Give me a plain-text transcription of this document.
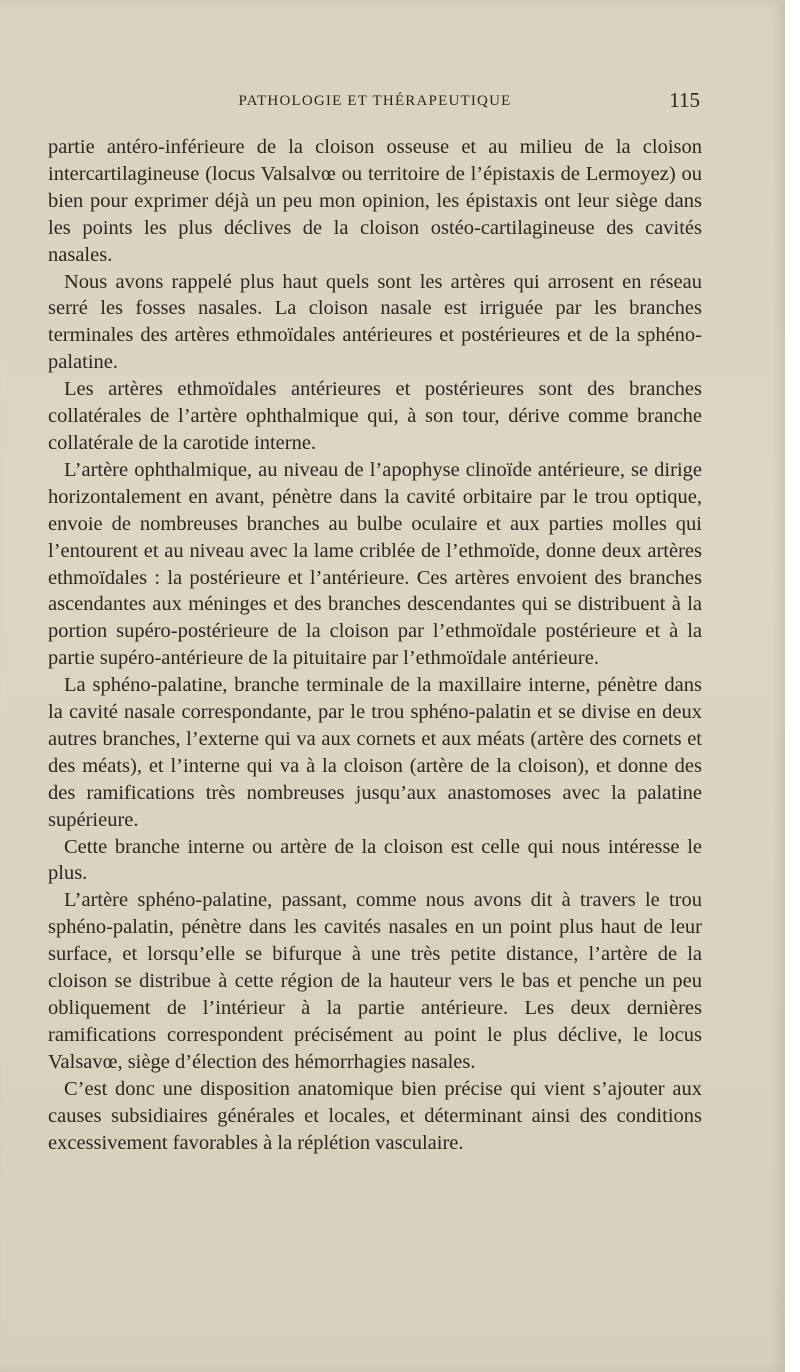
PATHOLOGIE ET THÉRAPEUTIQUE	115

partie antéro-inférieure de la cloison osseuse et au milieu de la cloison intercartilagineuse (locus Valsalvœ ou territoire de l’épistaxis de Lermoyez) ou bien pour exprimer déjà un peu mon opinion, les épistaxis ont leur siège dans les points les plus déclives de la cloison ostéo-cartilagineuse des cavités nasales.

Nous avons rappelé plus haut quels sont les artères qui arrosent en réseau serré les fosses nasales. La cloison nasale est irriguée par les branches terminales des artères ethmoïdales antérieures et postérieures et de la sphéno-palatine.

Les artères ethmoïdales antérieures et postérieures sont des branches collatérales de l’artère ophthalmique qui, à son tour, dérive comme branche collatérale de la carotide interne.

L’artère ophthalmique, au niveau de l’apophyse clinoïde antérieure, se dirige horizontalement en avant, pénètre dans la cavité orbitaire par le trou optique, envoie de nombreuses branches au bulbe oculaire et aux parties molles qui l’entourent et au niveau avec la lame criblée de l’ethmoïde, donne deux artères ethmoïdales : la postérieure et l’antérieure. Ces artères envoient des branches ascendantes aux méninges et des branches descendantes qui se distribuent à la portion supéro-postérieure de la cloison par l’ethmoïdale postérieure et à la partie supéro-antérieure de la pituitaire par l’ethmoïdale antérieure.

La sphéno-palatine, branche terminale de la maxillaire interne, pénètre dans la cavité nasale correspondante, par le trou sphéno-palatin et se divise en deux autres branches, l’externe qui va aux cornets et aux méats (artère des cornets et des méats), et l’interne qui va à la cloison (artère de la cloison), et donne des des ramifications très nombreuses jusqu’aux anastomoses avec la palatine supérieure.

Cette branche interne ou artère de la cloison est celle qui nous intéresse le plus.

L’artère sphéno-palatine, passant, comme nous avons dit à travers le trou sphéno-palatin, pénètre dans les cavités nasales en un point plus haut de leur surface, et lorsqu’elle se bifurque à une très petite distance, l’artère de la cloison se distribue à cette région de la hauteur vers le bas et penche un peu obliquement de l’intérieur à la partie antérieure. Les deux dernières ramifications correspondent précisément au point le plus déclive, le locus Valsavœ, siège d’élection des hémorrhagies nasales.

C’est donc une disposition anatomique bien précise qui vient s’ajouter aux causes subsidiaires générales et locales, et déterminant ainsi des conditions excessivement favorables à la réplétion vasculaire.
